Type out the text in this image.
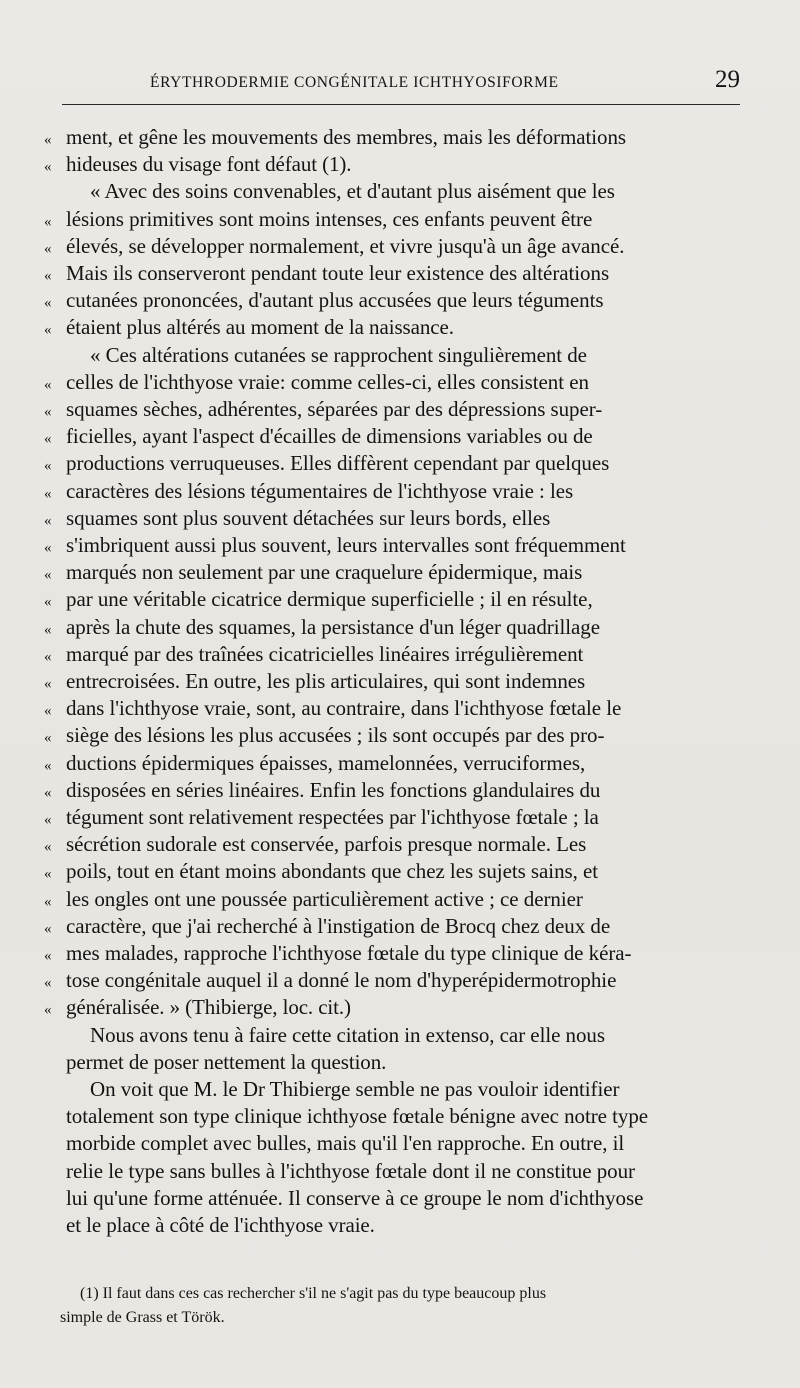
ÉRYTHRODERMIE CONGÉNITALE ICHTHYOSIFORME	29
« ment, et gêne les mouvements des membres, mais les déformations
« hideuses du visage font défaut (1).
« Avec des soins convenables, et d'autant plus aisément que les
« lésions primitives sont moins intenses, ces enfants peuvent être
« élevés, se développer normalement, et vivre jusqu'à un âge avancé.
« Mais ils conserveront pendant toute leur existence des altérations
« cutanées prononcées, d'autant plus accusées que leurs téguments
« étaient plus altérés au moment de la naissance.
« Ces altérations cutanées se rapprochent singulièrement de
« celles de l'ichthyose vraie: comme celles-ci, elles consistent en
« squames sèches, adhérentes, séparées par des dépressions super-
« ficielles, ayant l'aspect d'écailles de dimensions variables ou de
« productions verruqueuses. Elles diffèrent cependant par quelques
« caractères des lésions tégumentaires de l'ichthyose vraie : les
« squames sont plus souvent détachées sur leurs bords, elles
« s'imbriquent aussi plus souvent, leurs intervalles sont fréquemment
« marqués non seulement par une craquelure épidermique, mais
« par une véritable cicatrice dermique superficielle ; il en résulte,
« après la chute des squames, la persistance d'un léger quadrillage
« marqué par des traînées cicatricielles linéaires irrégulièrement
« entrecroisées. En outre, les plis articulaires, qui sont indemnes
« dans l'ichthyose vraie, sont, au contraire, dans l'ichthyose fœtale le
« siège des lésions les plus accusées ; ils sont occupés par des pro-
« ductions épidermiques épaisses, mamelonnées, verruciformes,
« disposées en séries linéaires. Enfin les fonctions glandulaires du
« tégument sont relativement respectées par l'ichthyose fœtale ; la
« sécrétion sudorale est conservée, parfois presque normale. Les
« poils, tout en étant moins abondants que chez les sujets sains, et
« les ongles ont une poussée particulièrement active ; ce dernier
« caractère, que j'ai recherché à l'instigation de Brocq chez deux de
« mes malades, rapproche l'ichthyose fœtale du type clinique de kéra-
« tose congénitale auquel il a donné le nom d'hyperépidermotrophie
« généralisée. » (Thibierge, loc. cit.)
Nous avons tenu à faire cette citation in extenso, car elle nous
permet de poser nettement la question.
On voit que M. le Dr Thibierge semble ne pas vouloir identifier
totalement son type clinique ichthyose fœtale bénigne avec notre type
morbide complet avec bulles, mais qu'il l'en rapproche. En outre, il
relie le type sans bulles à l'ichthyose fœtale dont il ne constitue pour
lui qu'une forme atténuée. Il conserve à ce groupe le nom d'ichthyose
et le place à côté de l'ichthyose vraie.
(1) Il faut dans ces cas rechercher s'il ne s'agit pas du type beaucoup plus
simple de Grass et Török.
